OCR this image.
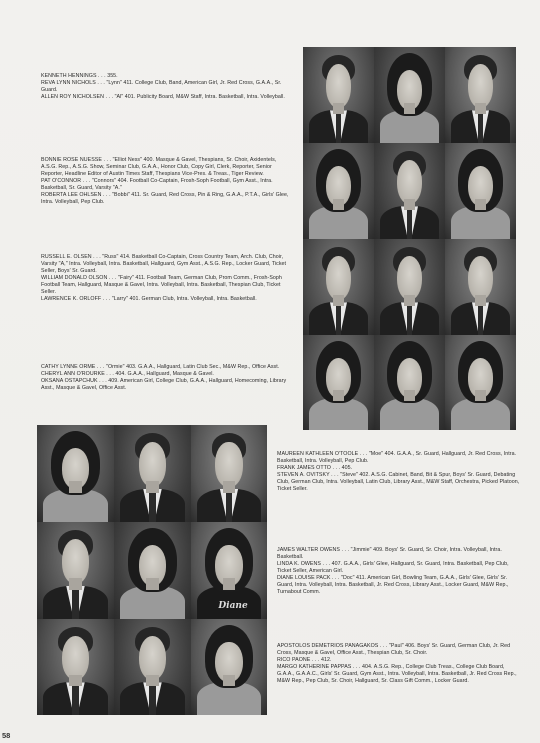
KENNETH HENNINGS . . . 355.
REVA LYNN NICHOLS . . . "Lynn" 411. College Club, Band, American Girl, Jr. Red Cross, G.A.A., Sr. Guard.
ALLEN ROY NICHOLSEN . . . "Al" 401. Publicity Board, M&W Staff, Intra. Basketball, Intra. Volleyball.
BONNIE ROSE NUESSE . . . "Elliot Ness" 400. Masque & Gavel, Thespians, Sr. Choir, Axidentels, A.S.G. Rep., A.S.G. Show, Seminar Club, G.A.A., Honor Club, Copy Girl, Clerk, Reporter, Senior Reporter, Headline Editor of Austin Times Staff, Thespians Vice-Pres. & Treas., Tiger Review.
PAT O'CONNOR . . . "Connors" 404. Football Co-Captain, Frosh-Soph Football, Gym Asst., Intra. Basketball, Sr. Guard, Varsity "A."
ROBERTA LEE OHLSEN . . . "Bobbi" 411. Sr. Guard, Red Cross, Pin & Ring, G.A.A., P.T.A., Girls' Glee, Intra. Volleyball, Pep Club.
RUSSELL E. OLSEN . . . "Russ" 414. Basketball Co-Captain, Cross Country Team, Arch. Club, Choir, Varsity "A," Intra. Volleyball, Intra. Basketball, Hallguard, Gym Asst., A.S.G. Rep., Locker Guard, Ticket Seller, Boys' Sr. Guard.
WILLIAM DONALD OLSON . . . "Fairy" 411. Football Team, German Club, Prom Comm., Frosh-Soph Football Team, Hallguard, Masque & Gavel, Intra. Volleyball, Intra. Basketball, Thespian Club, Ticket Seller.
LAWRENCE K. ORLOFF . . . "Larry" 401. German Club, Intra. Volleyball, Intra. Basketball.
CATHY LYNNE ORME . . . "Ormie" 403. G.A.A., Hallguard, Latin Club Sec., M&W Rep., Office Asst.
CHERYL ANN O'ROURKE . . . 404. G.A.A., Hallguard, Masque & Gavel.
OKSANA OSTAPCHUK . . . 409. American Girl, College Club, G.A.A., Hallguard, Homecoming, Library Asst., Masque & Gavel, Office Asst.
Diane
MAUREEN KATHLEEN O'TOOLE . . . "Moe" 404. G.A.A., Sr. Guard, Hallguard, Jr. Red Cross, Intra. Basketball, Intra. Volleyball, Pep Club.
FRANK JAMES OTTO . . . 405.
STEVEN A. OVITSKY . . . "Steve" 402. A.S.G. Cabinet, Band, Bit & Spur, Boys' Sr. Guard, Debating Club, German Club, Intra. Volleyball, Latin Club, Library Asst., M&W Staff, Orchestra, Picked Platoon, Ticket Seller.
JAMES WALTER OWENS . . . "Jimmie" 409. Boys' Sr. Guard, Sr. Choir, Intra. Volleyball, Intra. Basketball.
LINDA K. OWENS . . . 407. G.A.A., Girls' Glee, Hallguard, Sr. Guard, Intra. Basketball, Pep Club, Ticket Seller, American Girl.
DIANE LOUISE PACK . . . "Doc" 411. American Girl, Bowling Team, G.A.A., Girls' Glee, Girls' Sr. Guard, Intra. Volleyball, Intra. Basketball, Jr. Red Cross, Library Asst., Locker Guard, M&W Rep., Turnabout Comm.
APOSTOLOS DEMETRIOS PANAGAKOS . . . "Paul" 406. Boys' Sr. Guard, German Club, Jr. Red Cross, Masque & Gavel, Office Asst., Thespian Club, Sr. Choir.
RICO PAONE . . . 412.
MARGO KATHERINE PAPPAS . . . 404. A.S.G. Rep., College Club Treas., College Club Board, G.A.A., G.A.A.C., Girls' Sr. Guard, Gym Asst., Intra. Volleyball, Intra. Basketball, Jr. Red Cross Rep., M&W Rep., Pep Club, Sr. Choir, Hallguard, Sr. Class Gift Comm., Locker Guard.
58
